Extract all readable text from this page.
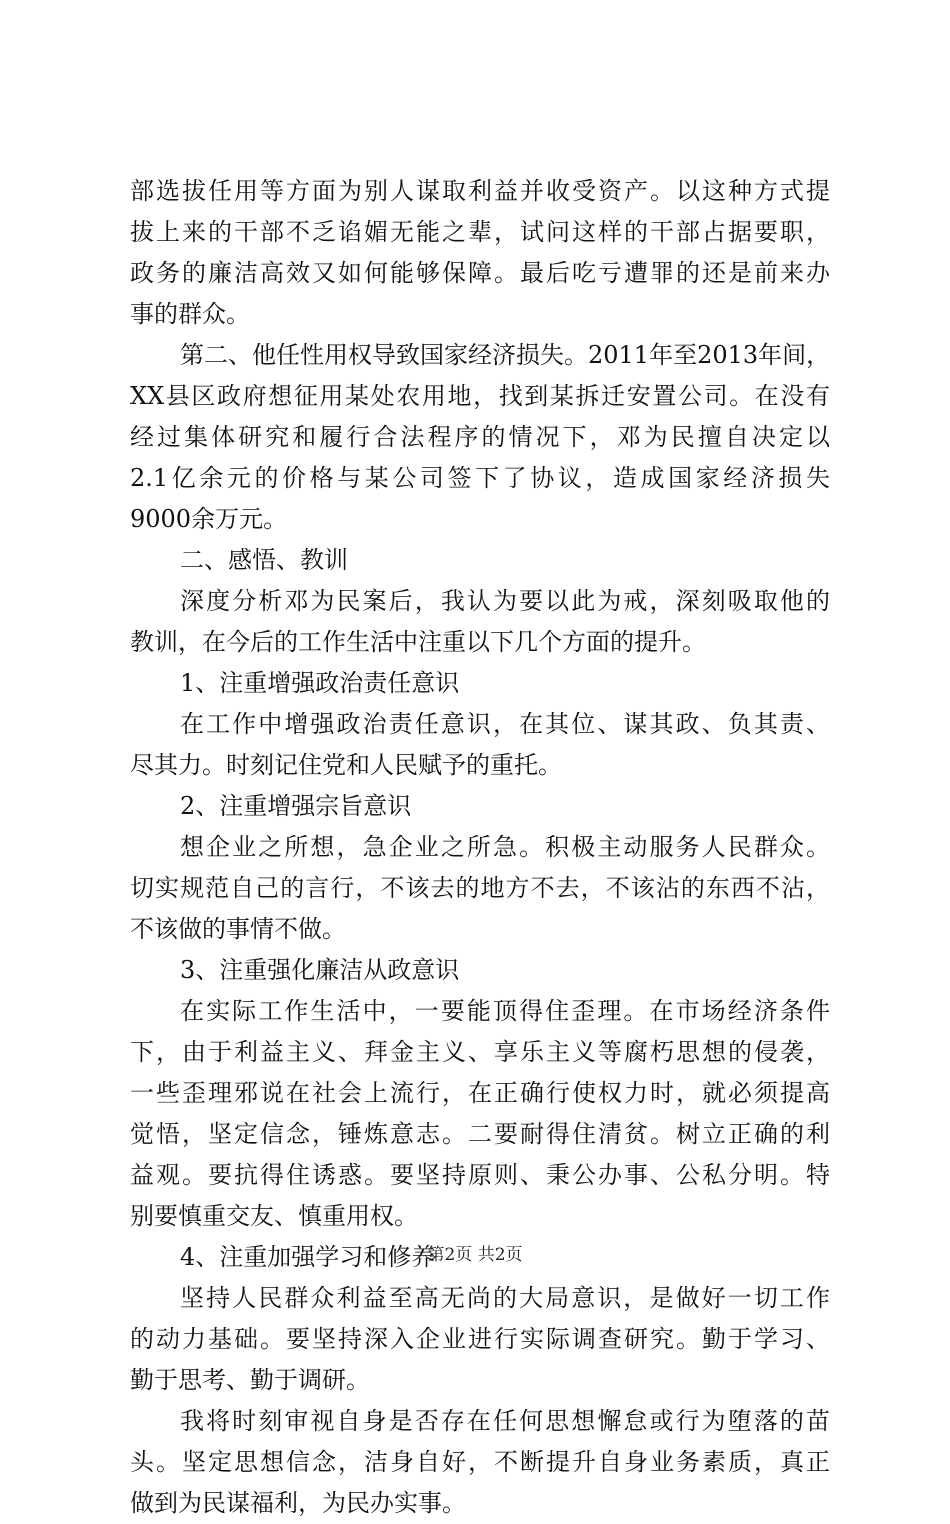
部选拔任用等方面为别人谋取利益并收受资产。以这种方式提
拔上来的干部不乏谄媚无能之辈，试问这样的干部占据要职，
政务的廉洁高效又如何能够保障。最后吃亏遭罪的还是前来办
事的群众。
第二、他任性用权导致国家经济损失。2011年至2013年间，
XX县区政府想征用某处农用地，找到某拆迁安置公司。在没有
经过集体研究和履行合法程序的情况下，邓为民擅自决定以
2.1亿余元的价格与某公司签下了协议，造成国家经济损失
9000余万元。
二、感悟、教训
深度分析邓为民案后，我认为要以此为戒，深刻吸取他的
教训，在今后的工作生活中注重以下几个方面的提升。
1、注重增强政治责任意识
在工作中增强政治责任意识，在其位、谋其政、负其责、
尽其力。时刻记住党和人民赋予的重托。
2、注重增强宗旨意识
想企业之所想，急企业之所急。积极主动服务人民群众。
切实规范自己的言行，不该去的地方不去，不该沾的东西不沾，
不该做的事情不做。
3、注重强化廉洁从政意识
在实际工作生活中，一要能顶得住歪理。在市场经济条件
下，由于利益主义、拜金主义、享乐主义等腐朽思想的侵袭，
一些歪理邪说在社会上流行，在正确行使权力时，就必须提高
觉悟，坚定信念，锤炼意志。二要耐得住清贫。树立正确的利
益观。要抗得住诱惑。要坚持原则、秉公办事、公私分明。特
别要慎重交友、慎重用权。
4、注重加强学习和修养
坚持人民群众利益至高无尚的大局意识，是做好一切工作
的动力基础。要坚持深入企业进行实际调查研究。勤于学习、
勤于思考、勤于调研。
我将时刻审视自身是否存在任何思想懈怠或行为堕落的苗
头。坚定思想信念，洁身自好，不断提升自身业务素质，真正
做到为民谋福利，为民办实事。
第2页 共2页
